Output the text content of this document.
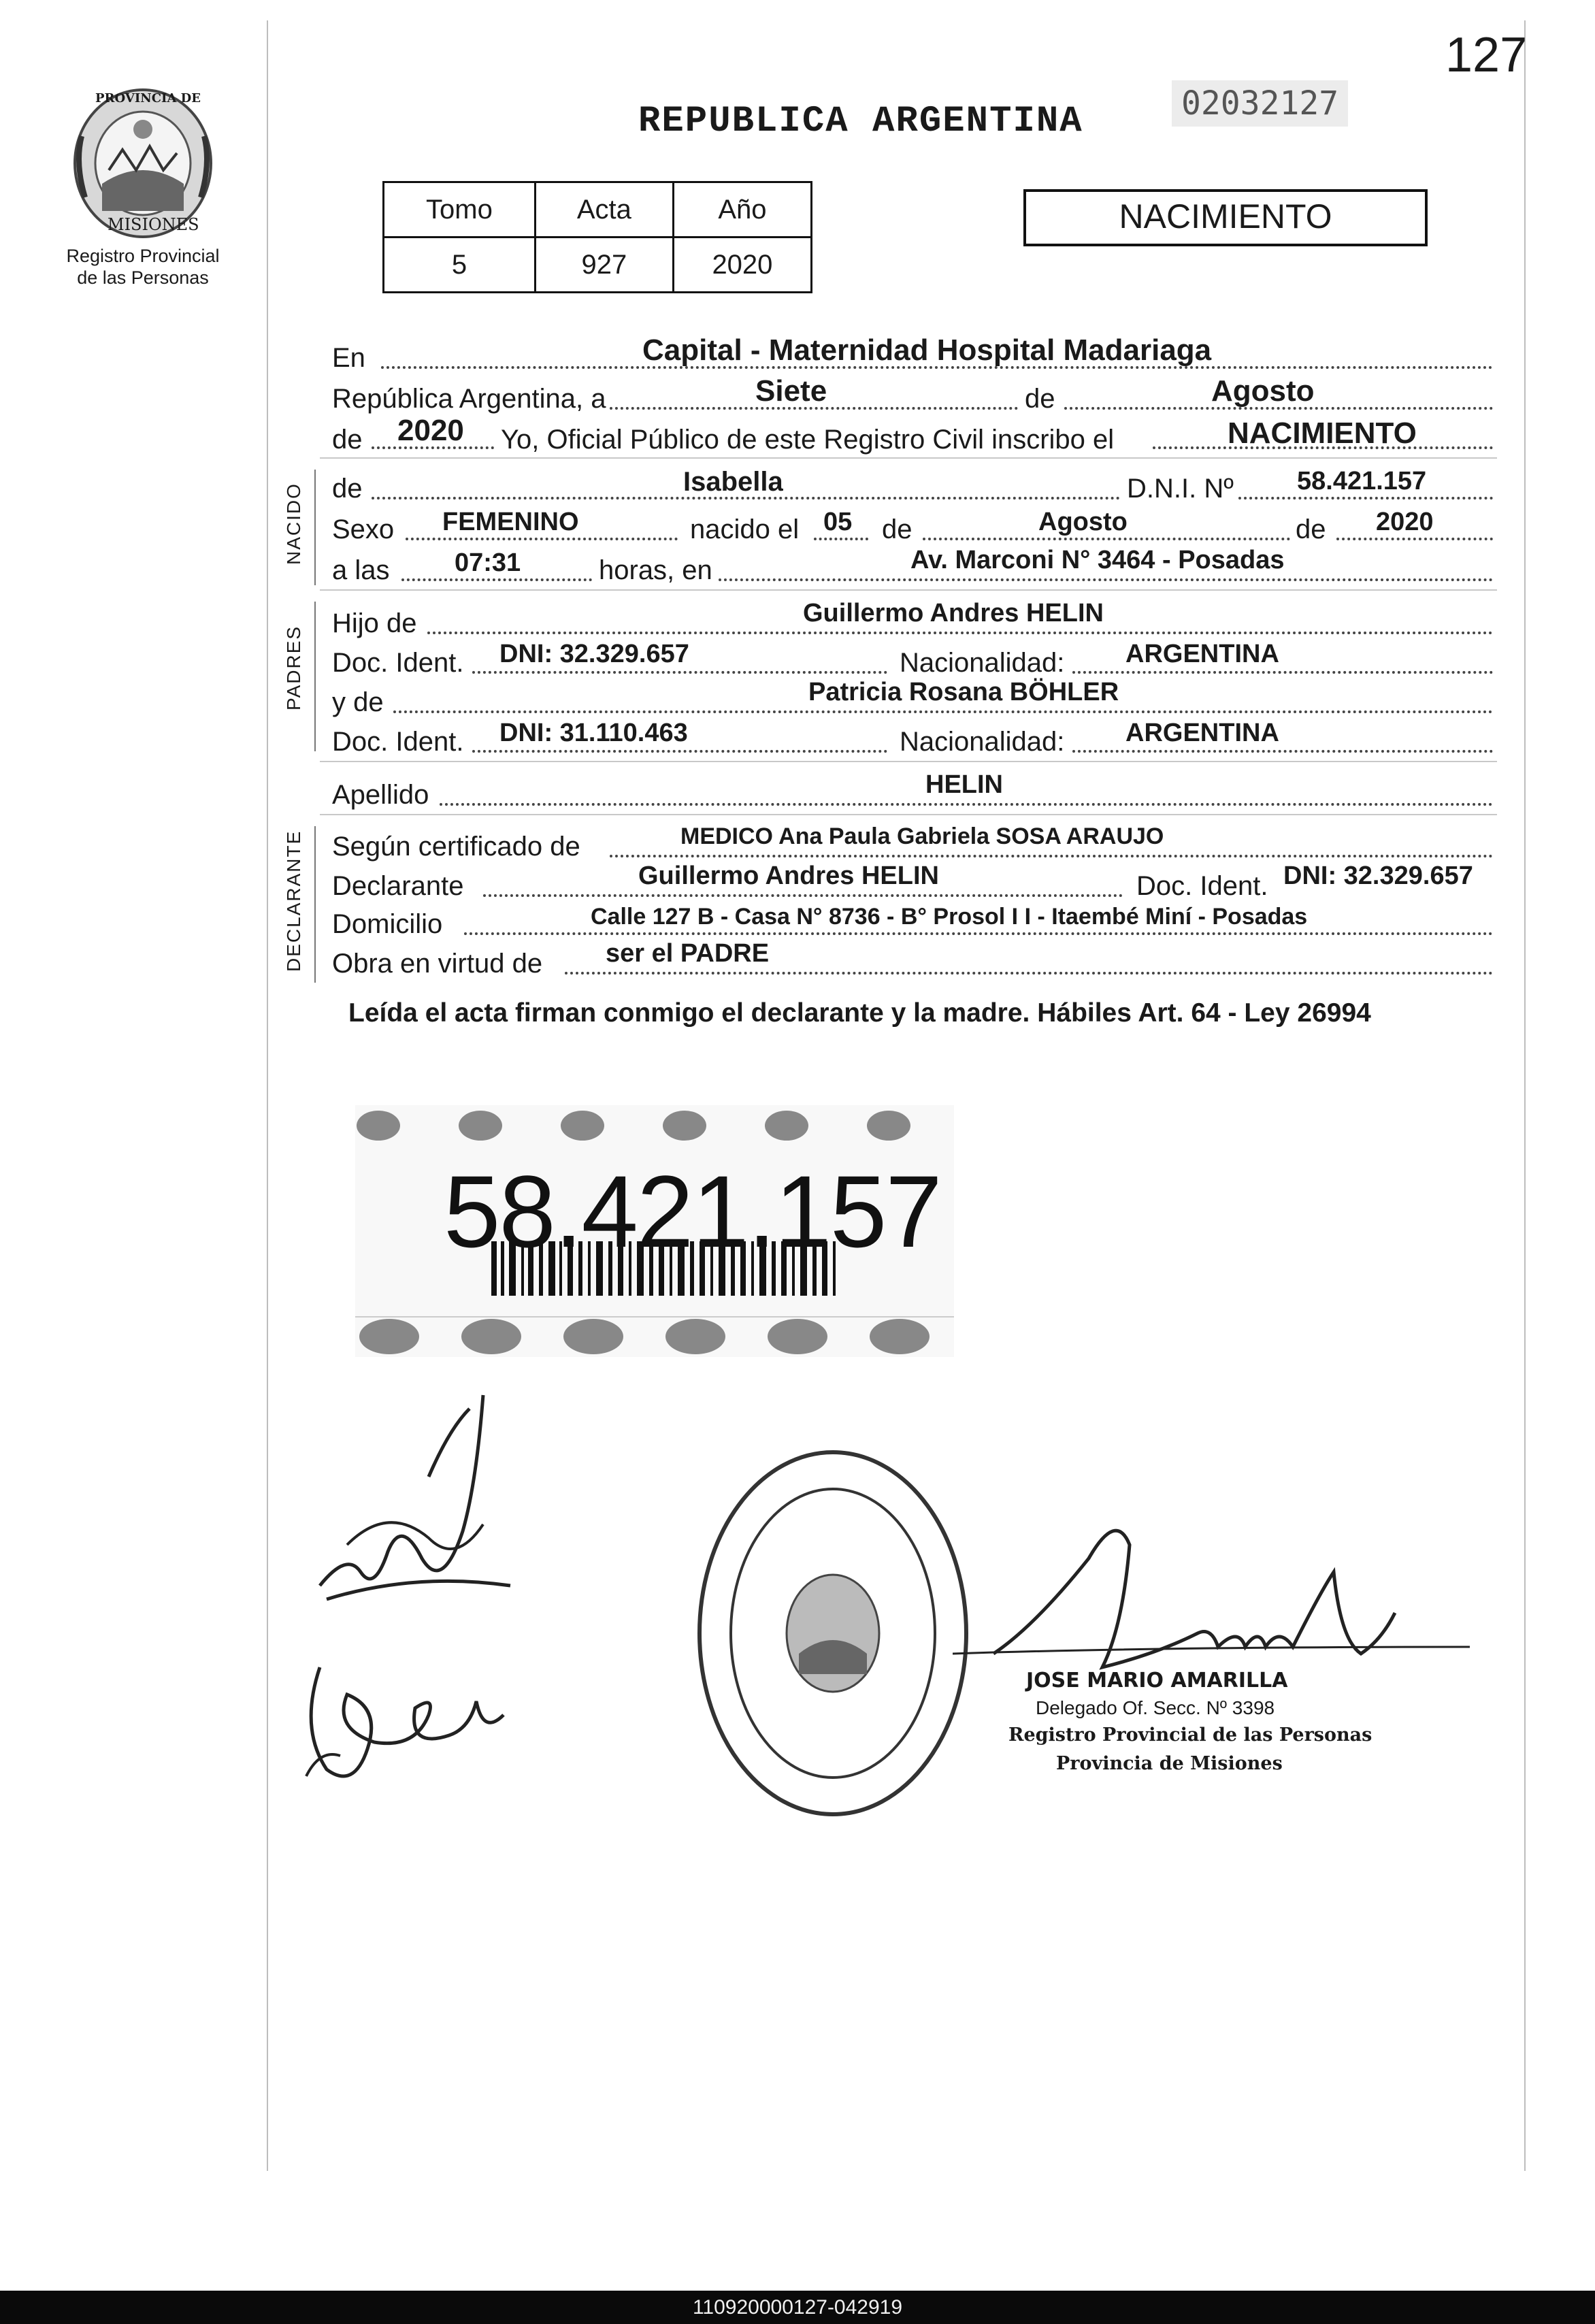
127
PROVINCIA DE
MISIONES
Registro Provincial
de las Personas
REPUBLICA ARGENTINA	02032127
Tomo	Acta	Año
5	927	2020
NACIMIENTO
En	Capital - Maternidad Hospital Madariaga
República Argentina, a	Siete	de	Agosto
de 2020 Yo, Oficial Público de este Registro Civil inscribo el	NACIMIENTO
NACIDO de	Isabella	D.N.I. Nº 58.421.157
Sexo FEMENINO	nacido el 05 de	Agosto	de 2020
a las	07:31	horas, en	Av. Marconi N° 3464 - Posadas
PADRES
Hijo de	Guillermo Andres HELIN
Doc. Ident. DNI: 32.329.657	Nacionalidad: ARGENTINA
y de	Patricia Rosana BÖHLER
Doc. Ident. DNI: 31.110.463	Nacionalidad: ARGENTINA
Apellido	HELIN
DECLARANTE Según certificado de	MEDICO Ana Paula Gabriela SOSA ARAUJO
Declarante	Guillermo Andres HELIN	Doc. Ident. DNI: 32.329.657
Domicilio	Calle 127 B - Casa N° 8736 - B° Prosol I I - Itaembé Miní - Posadas
Obra en virtud de ser el PADRE
Leída el acta firman conmigo el declarante y la madre. Hábiles Art. 64 - Ley 26994
58.421.157
JOSE MARIO AMARILLA
Delegado Of. Secc. Nº 3398
Registro Provincial de las Personas
Provincia de Misiones
110920000127-042919
